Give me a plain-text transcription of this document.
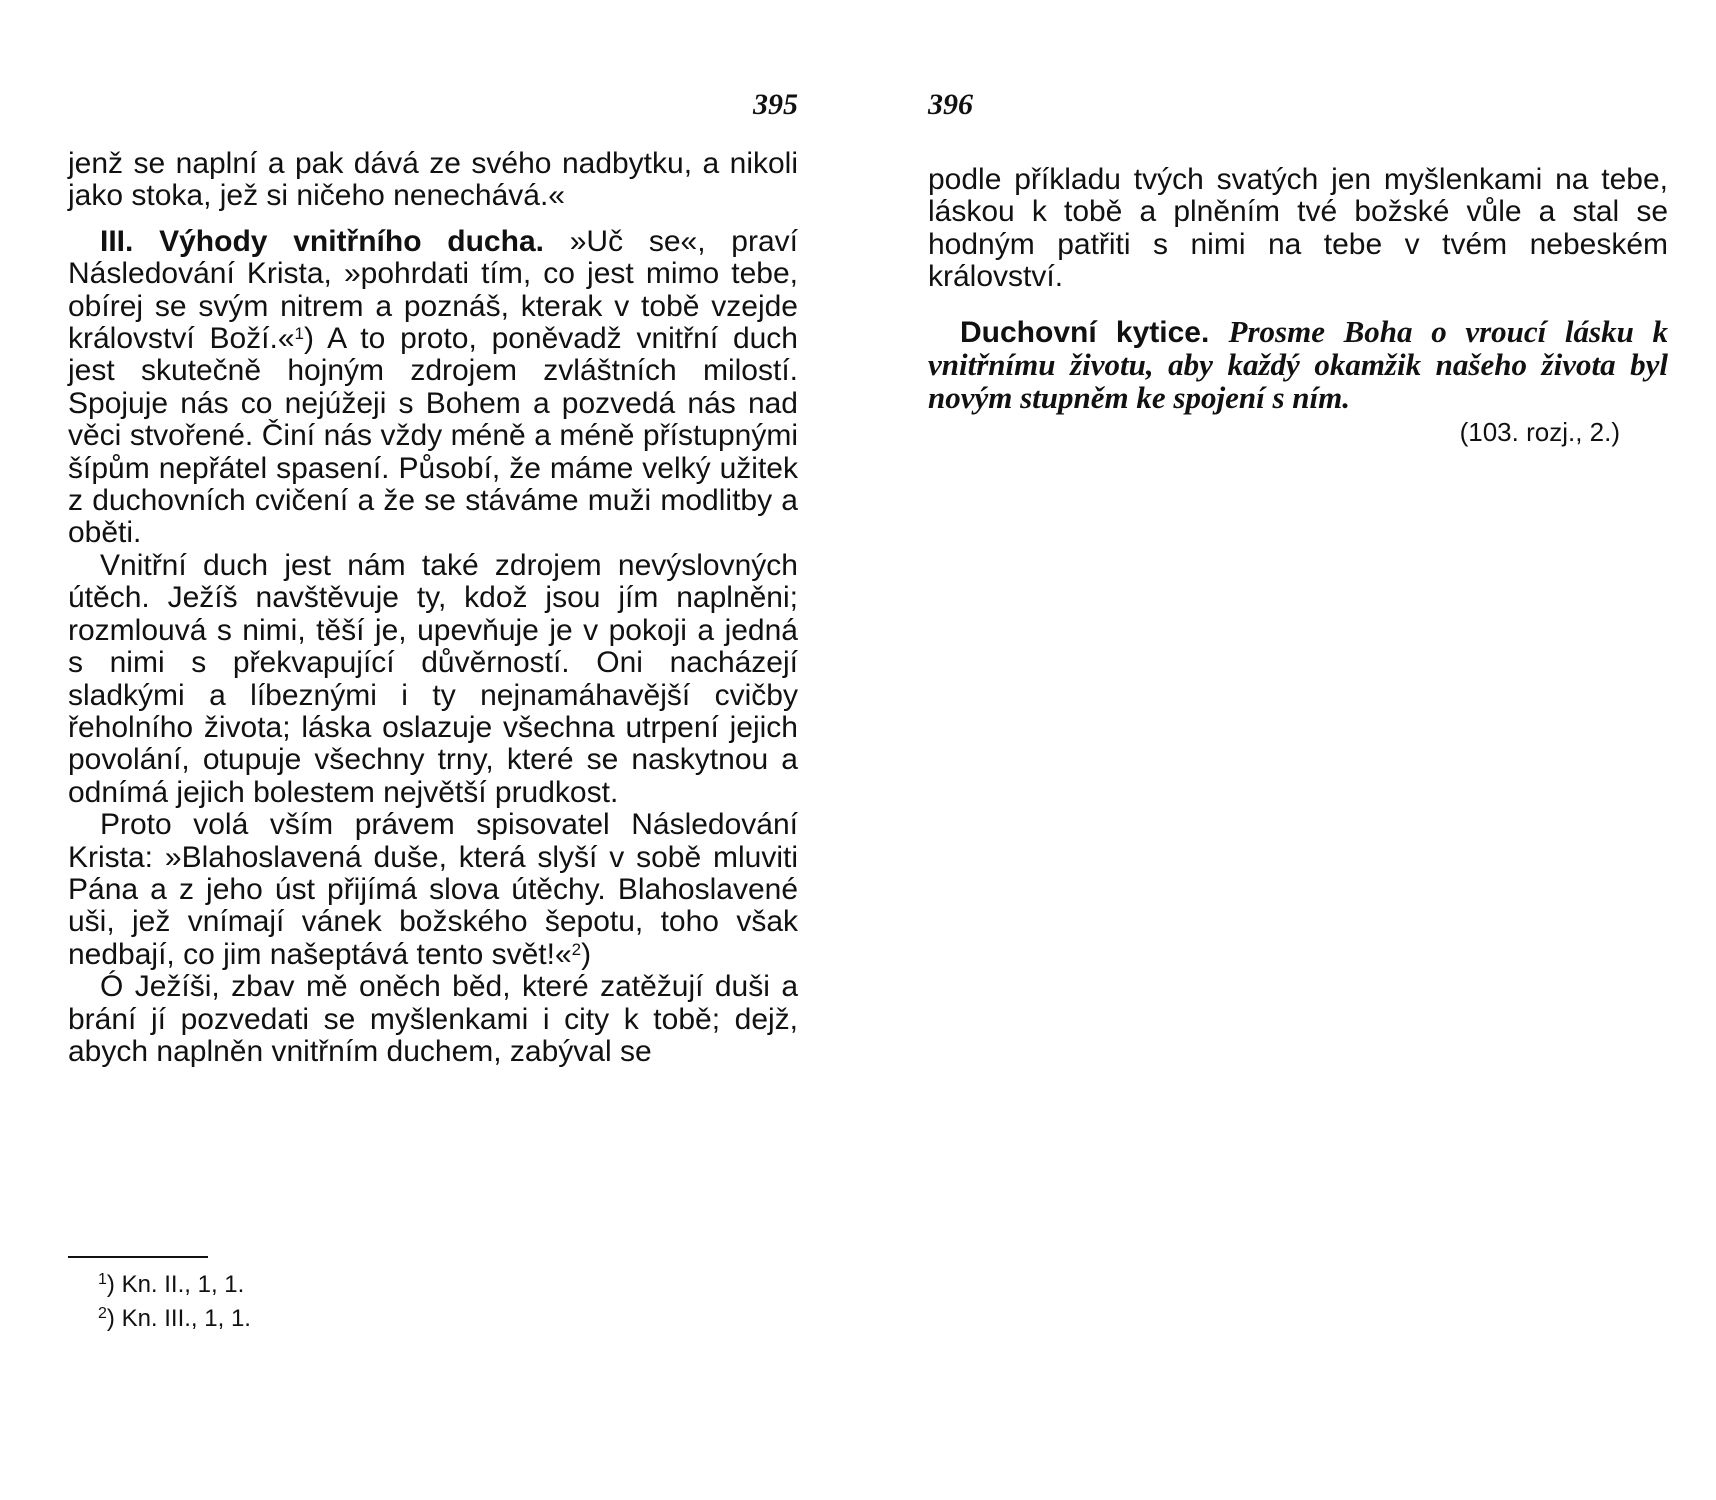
395

jenž se naplní a pak dává ze svého nadbytku, a nikoli jako stoka, jež si ničeho nenechává.«

III. Výhody vnitřního ducha. »Uč se«, praví Následování Krista, »pohrdati tím, co jest mimo tebe, obírej se svým nitrem a poznáš, kterak v tobě vzejde království Boží.«$^1$) A to proto, poněvadž vnitřní duch jest skutečně hojným zdrojem zvláštních milostí. Spojuje nás co nejúžeji s Bohem a pozvedá nás nad věci stvořené. Činí nás vždy méně a méně přístupnými šípům nepřátel spasení. Působí, že máme velký užitek z duchovních cvičení a že se stáváme muži modlitby a oběti.

Vnitřní duch jest nám také zdrojem nevýslovných útěch. Ježíš navštěvuje ty, kdož jsou jím naplněni; rozmlouvá s nimi, těší je, upevňuje je v pokoji a jedná s nimi s překvapující důvěrností. Oni nacházejí sladkými a líbeznými i ty nejnamáhavější cvičby řeholního života; láska oslazuje všechna utrpení jejich povolání, otupuje všechny trny, které se naskytnou a odnímá jejich bolestem největší prudkost.

Proto volá vším právem spisovatel Následování Krista: »Blahoslavená duše, která slyší v sobě mluviti Pána a z jeho úst přijímá slova útěchy. Blahoslavené uši, jež vnímají vánek božského šepotu, toho však nedbají, co jim našeptává tento svět!«$^2$)

Ó Ježíši, zbav mě oněch běd, které zatěžují duši a brání jí pozvedati se myšlenkami i city k tobě; dejž, abych naplněn vnitřním duchem, zabýval se

$^1$) Kn. II., 1, 1.
$^2$) Kn. III., 1, 1.
396

podle příkladu tvých svatých jen myšlenkami na tebe, láskou k tobě a plněním tvé božské vůle a stal se hodným patřiti s nimi na tebe v tvém nebeském království.

Duchovní kytice. Prosme Boha o vroucí lásku k vnitřnímu životu, aby každý okamžik našeho života byl novým stupněm ke spojení s ním.

(103. rozj., 2.)
